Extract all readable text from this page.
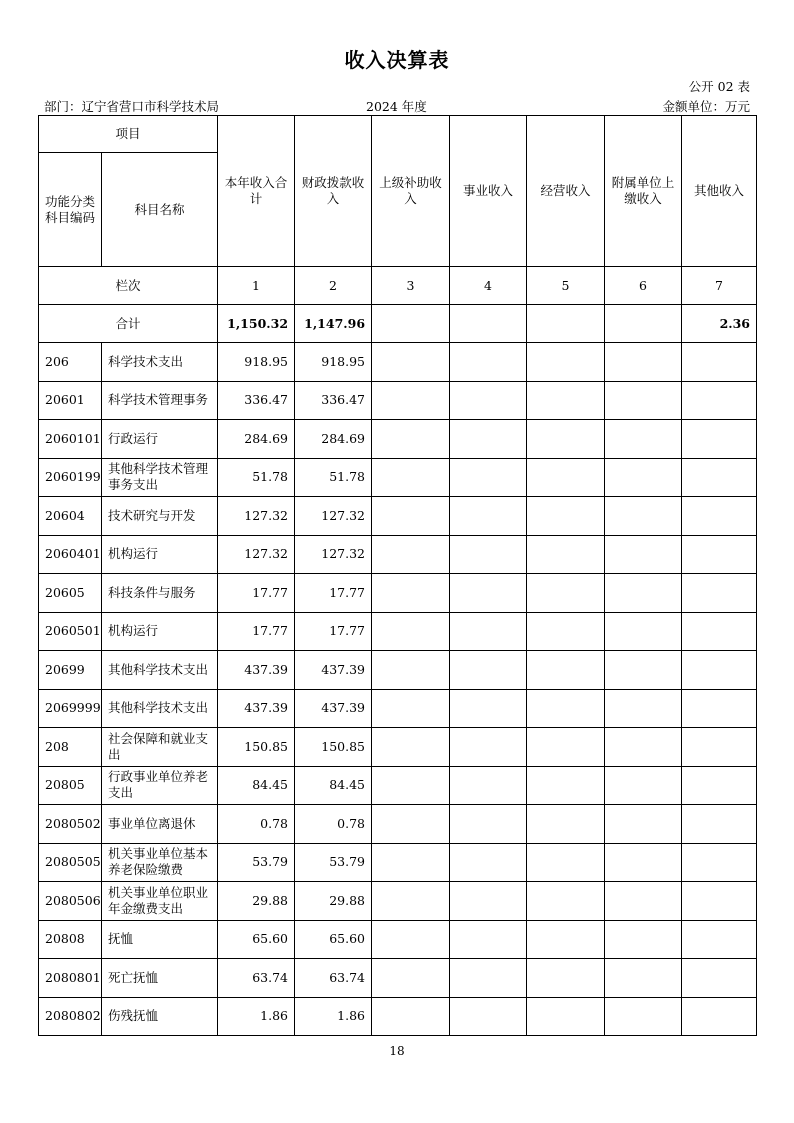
收入决算表
公开 02 表
部门：辽宁省营口市科学技术局	2024 年度	金额单位：万元
项目		本年收入合计	财政拨款收入	上级补助收入	事业收入	经营收入	附属单位上缴收入	其他收入
功能分类科目编码	科目名称							
栏次		1	2	3	4	5	6	7
合计		1,150.32	1,147.96					2.36
206	科学技术支出	918.95	918.95					
20601	科学技术管理事务	336.47	336.47					
2060101	行政运行	284.69	284.69					
2060199	其他科学技术管理事务支出	51.78	51.78					
20604	技术研究与开发	127.32	127.32					
2060401	机构运行	127.32	127.32					
20605	科技条件与服务	17.77	17.77					
2060501	机构运行	17.77	17.77					
20699	其他科学技术支出	437.39	437.39					
2069999	其他科学技术支出	437.39	437.39					
208	社会保障和就业支出	150.85	150.85					
20805	行政事业单位养老支出	84.45	84.45					
2080502	事业单位离退休	0.78	0.78					
2080505	机关事业单位基本养老保险缴费	53.79	53.79					
2080506	机关事业单位职业年金缴费支出	29.88	29.88					
20808	抚恤	65.60	65.60					
2080801	死亡抚恤	63.74	63.74					
2080802	伤残抚恤	1.86	1.86					
18
